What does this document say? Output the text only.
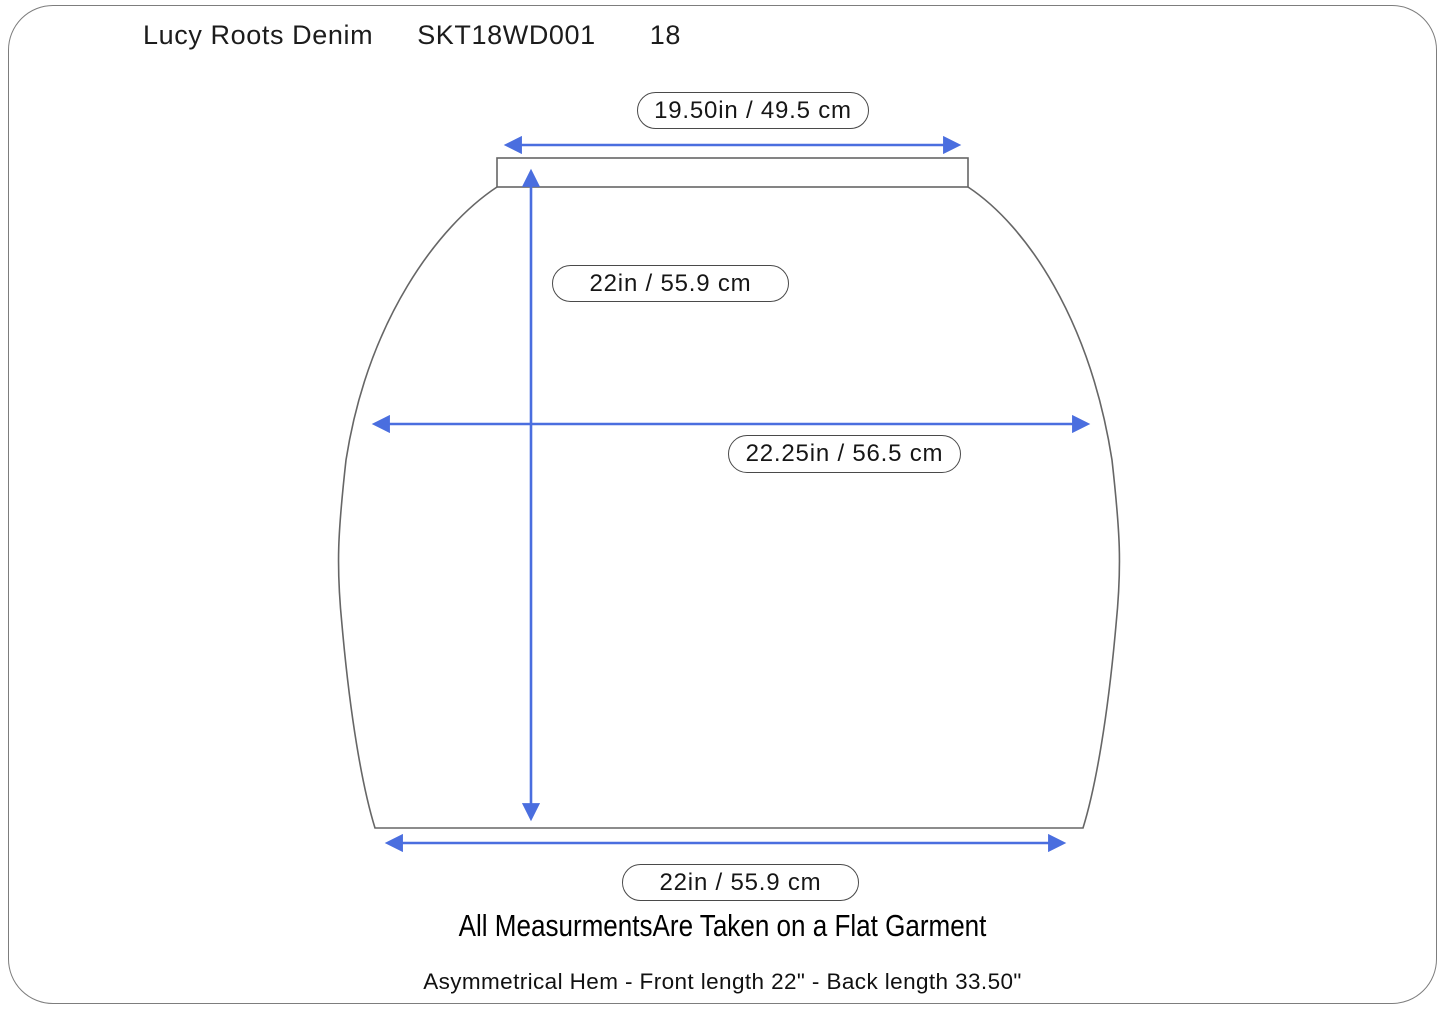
Lucy Roots Denim SKT18WD001 18
19.50in / 49.5 cm
22in / 55.9 cm
22.25in / 56.5 cm
22in / 55.9 cm
All MeasurmentsAre Taken on a Flat Garment
Asymmetrical Hem - Front length 22" - Back length 33.50"
